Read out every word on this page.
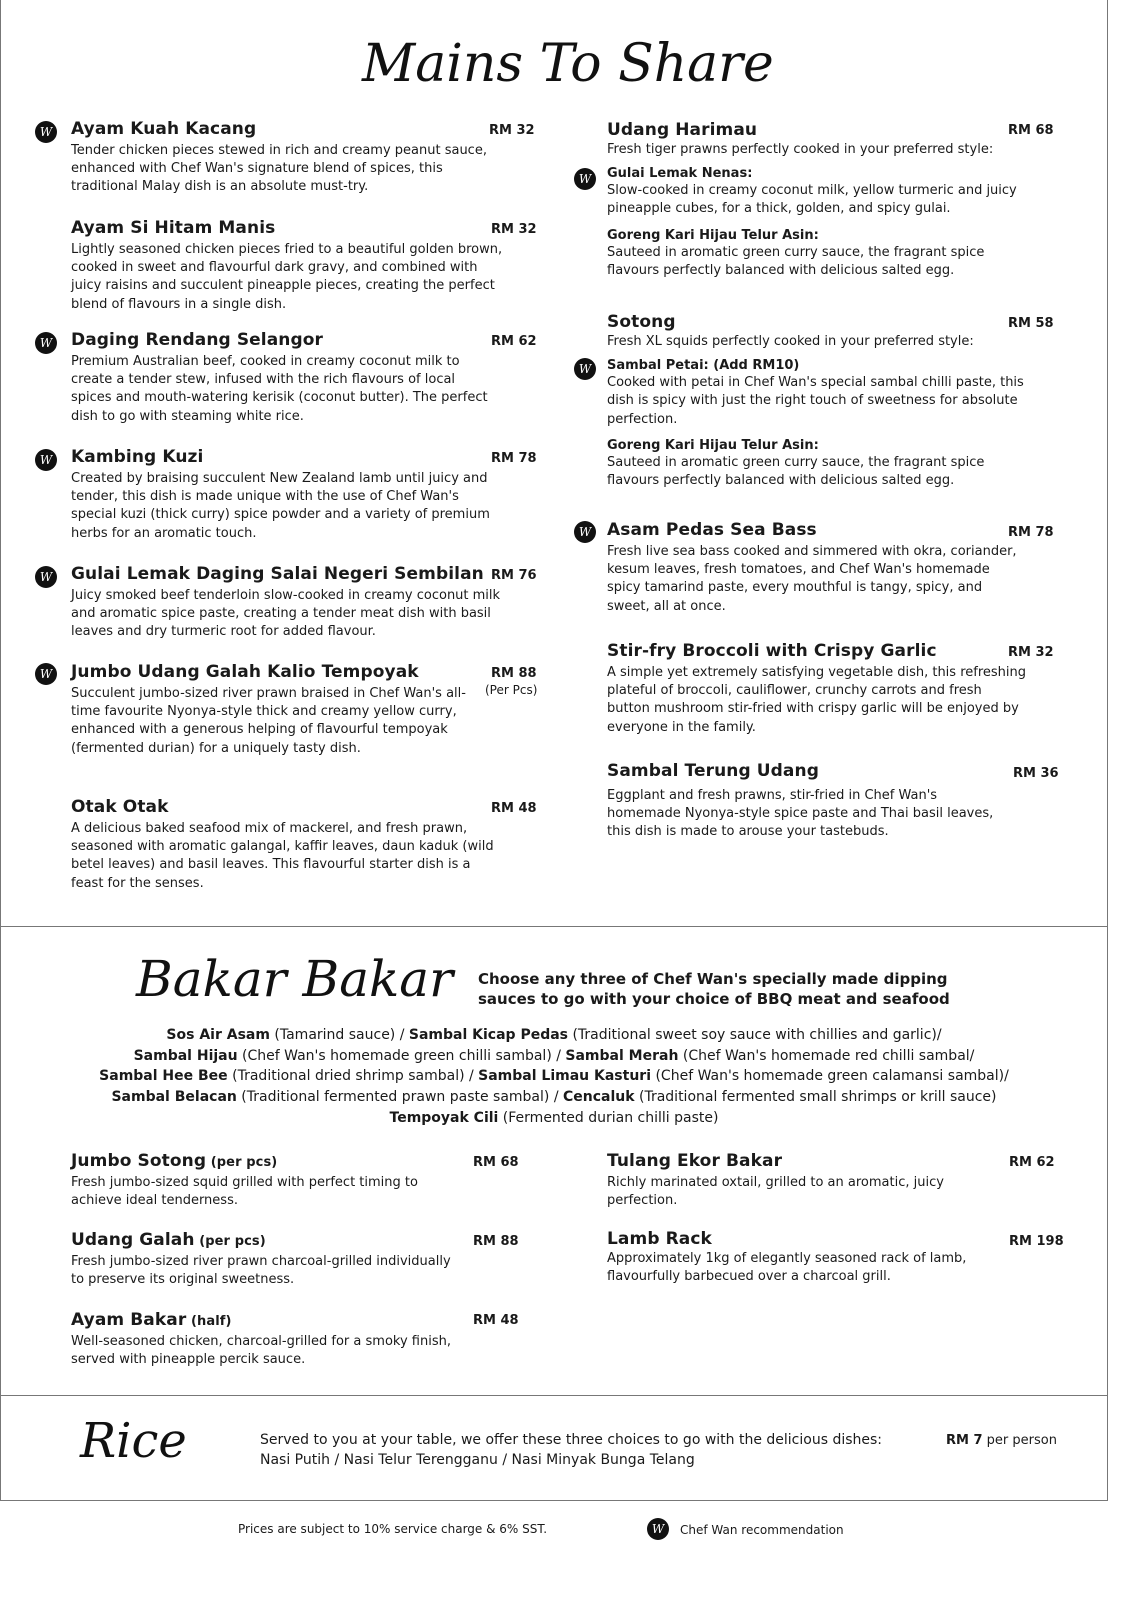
Mains To Share
W Ayam Kuah Kacang
Tender chicken pieces stewed in rich and creamy peanut sauce, enhanced with Chef Wan's signature blend of spices, this traditional Malay dish is an absolute must-try.
RM 32
Ayam Si Hitam Manis
Lightly seasoned chicken pieces fried to a beautiful golden brown, cooked in sweet and flavourful dark gravy, and combined with juicy raisins and succulent pineapple pieces, creating the perfect blend of flavours in a single dish.
RM 32
W Daging Rendang Selangor
Premium Australian beef, cooked in creamy coconut milk to create a tender stew, infused with the rich flavours of local spices and mouth-watering kerisik (coconut butter). The perfect dish to go with steaming white rice.
RM 62
W Kambing Kuzi
Created by braising succulent New Zealand lamb until juicy and tender, this dish is made unique with the use of Chef Wan's special kuzi (thick curry) spice powder and a variety of premium herbs for an aromatic touch.
RM 78
W Gulai Lemak Daging Salai Negeri Sembilan
Juicy smoked beef tenderloin slow-cooked in creamy coconut milk and aromatic spice paste, creating a tender meat dish with basil leaves and dry turmeric root for added flavour.
RM 76
W Jumbo Udang Galah Kalio Tempoyak
Succulent jumbo-sized river prawn braised in Chef Wan's all-time favourite Nyonya-style thick and creamy yellow curry, enhanced with a generous helping of flavourful tempoyak (fermented durian) for a uniquely tasty dish.
RM 88
(Per Pcs)
Otak Otak
A delicious baked seafood mix of mackerel, and fresh prawn, seasoned with aromatic galangal, kaffir leaves, daun kaduk (wild betel leaves) and basil leaves. This flavourful starter dish is a feast for the senses.
RM 48
Udang Harimau
Fresh tiger prawns perfectly cooked in your preferred style:
Gulai Lemak Nenas:
Slow-cooked in creamy coconut milk, yellow turmeric and juicy pineapple cubes, for a thick, golden, and spicy gulai.
Goreng Kari Hijau Telur Asin:
Sauteed in aromatic green curry sauce, the fragrant spice flavours perfectly balanced with delicious salted egg.
RM 68
W
Sotong
Fresh XL squids perfectly cooked in your preferred style:
Sambal Petai: (Add RM10)
Cooked with petai in Chef Wan's special sambal chilli paste, this dish is spicy with just the right touch of sweetness for absolute perfection.
Goreng Kari Hijau Telur Asin:
Sauteed in aromatic green curry sauce, the fragrant spice flavours perfectly balanced with delicious salted egg.
RM 58
W
W Asam Pedas Sea Bass
Fresh live sea bass cooked and simmered with okra, coriander, kesum leaves, fresh tomatoes, and Chef Wan's homemade spicy tamarind paste, every mouthful is tangy, spicy, and sweet, all at once.
RM 78
Stir-fry Broccoli with Crispy Garlic
A simple yet extremely satisfying vegetable dish, this refreshing plateful of broccoli, cauliflower, crunchy carrots and fresh button mushroom stir-fried with crispy garlic will be enjoyed by everyone in the family.
RM 32
Sambal Terung Udang
Eggplant and fresh prawns, stir-fried in Chef Wan's homemade Nyonya-style spice paste and Thai basil leaves, this dish is made to arouse your tastebuds.
RM 36
Bakar Bakar Choose any three of Chef Wan's specially made dipping sauces to go with your choice of BBQ meat and seafood
Sos Air Asam (Tamarind sauce) / Sambal Kicap Pedas (Traditional sweet soy sauce with chillies and garlic)/
Sambal Hijau (Chef Wan's homemade green chilli sambal) / Sambal Merah (Chef Wan's homemade red chilli sambal/
Sambal Hee Bee (Traditional dried shrimp sambal) / Sambal Limau Kasturi (Chef Wan's homemade green calamansi sambal)/
Sambal Belacan (Traditional fermented prawn paste sambal) / Cencaluk (Traditional fermented small shrimps or krill sauce)
Tempoyak Cili (Fermented durian chilli paste)
Jumbo Sotong (per pcs)
Fresh jumbo-sized squid grilled with perfect timing to achieve ideal tenderness.
RM 68
Udang Galah (per pcs)
Fresh jumbo-sized river prawn charcoal-grilled individually to preserve its original sweetness.
RM 88
Ayam Bakar (half)
Well-seasoned chicken, charcoal-grilled for a smoky finish, served with pineapple percik sauce.
RM 48
Tulang Ekor Bakar
Richly marinated oxtail, grilled to an aromatic, juicy perfection.
RM 62
Lamb Rack
Approximately 1kg of elegantly seasoned rack of lamb, flavourfully barbecued over a charcoal grill.
RM 198
Rice	Served to you at your table, we offer these three choices to go with the delicious dishes:
Nasi Putih / Nasi Telur Terengganu / Nasi Minyak Bunga Telang
RM 7 per person
Prices are subject to 10% service charge & 6% SST.	W	Chef Wan recommendation
